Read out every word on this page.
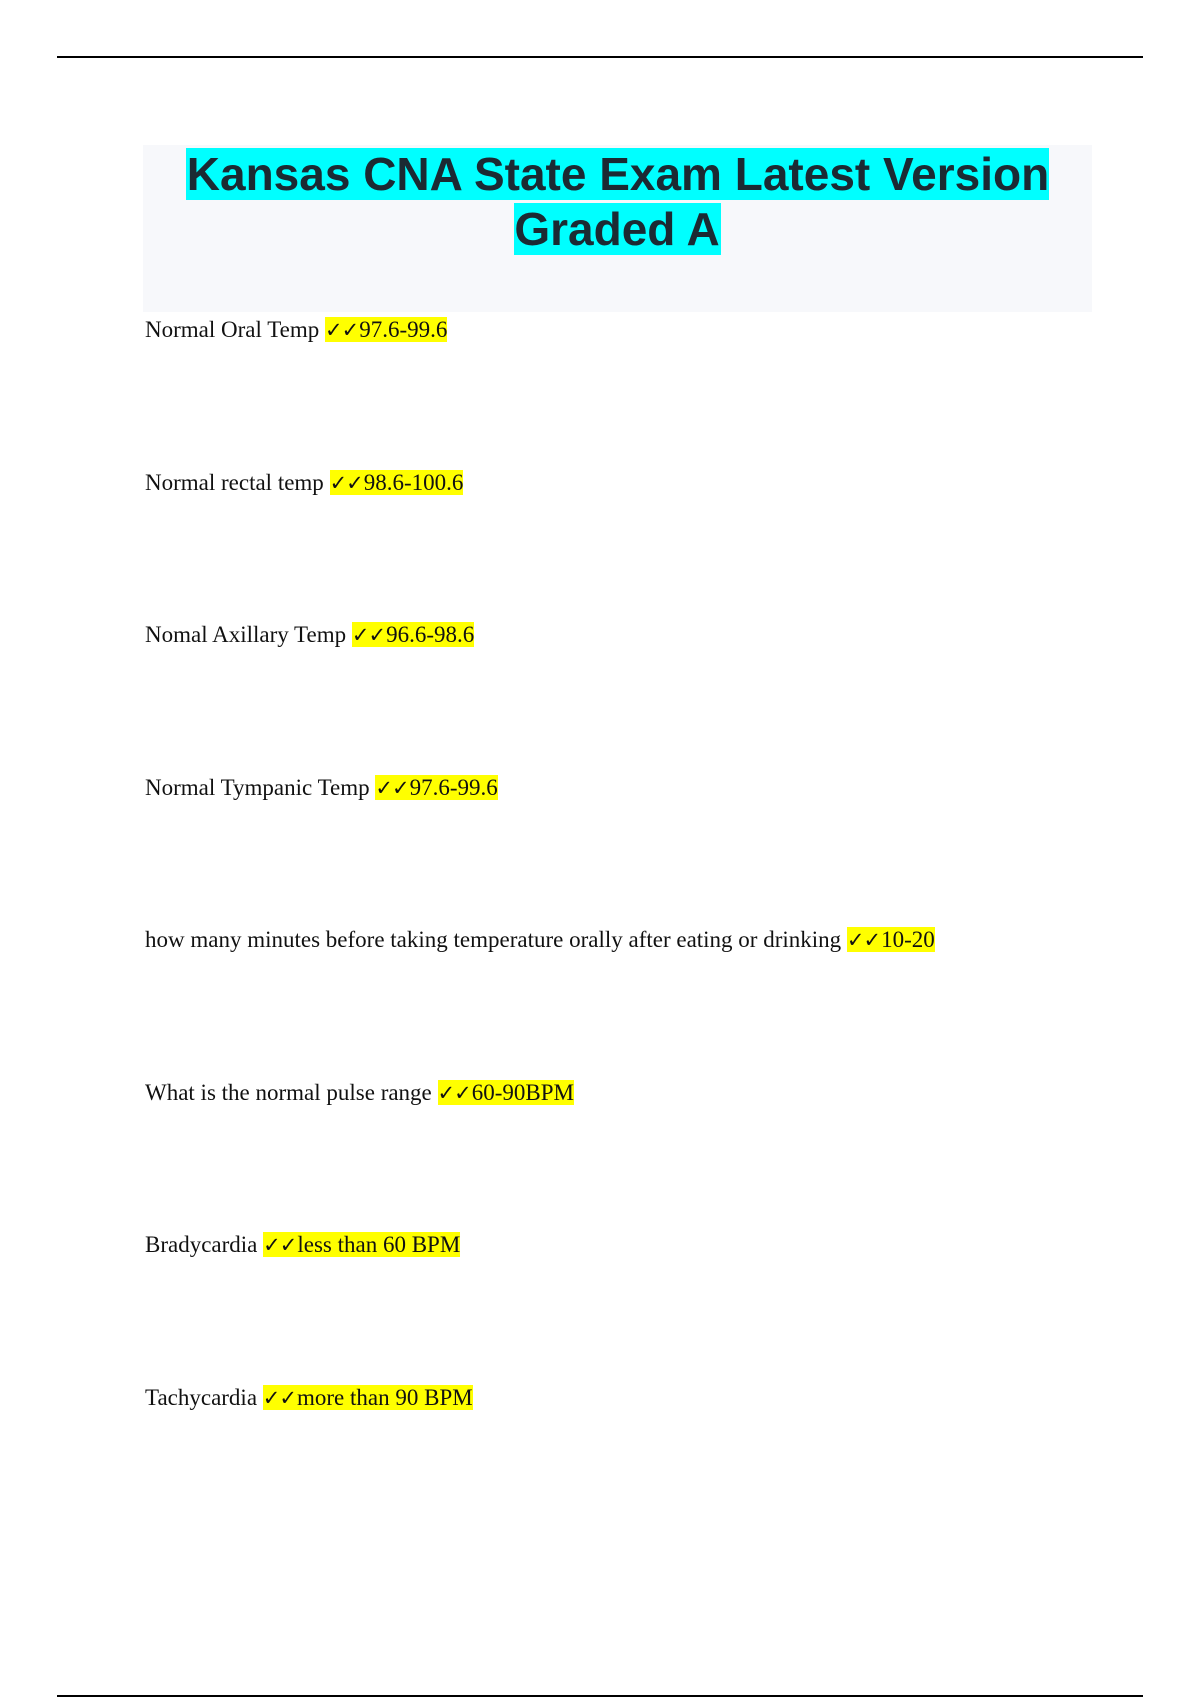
Kansas CNA State Exam Latest Version Graded A

Normal Oral Temp ✓✓97.6-99.6

Normal rectal temp ✓✓98.6-100.6

Nomal Axillary Temp ✓✓96.6-98.6

Normal Tympanic Temp ✓✓97.6-99.6

how many minutes before taking temperature orally after eating or drinking ✓✓10-20

What is the normal pulse range ✓✓60-90BPM

Bradycardia ✓✓less than 60 BPM

Tachycardia ✓✓more than 90 BPM
